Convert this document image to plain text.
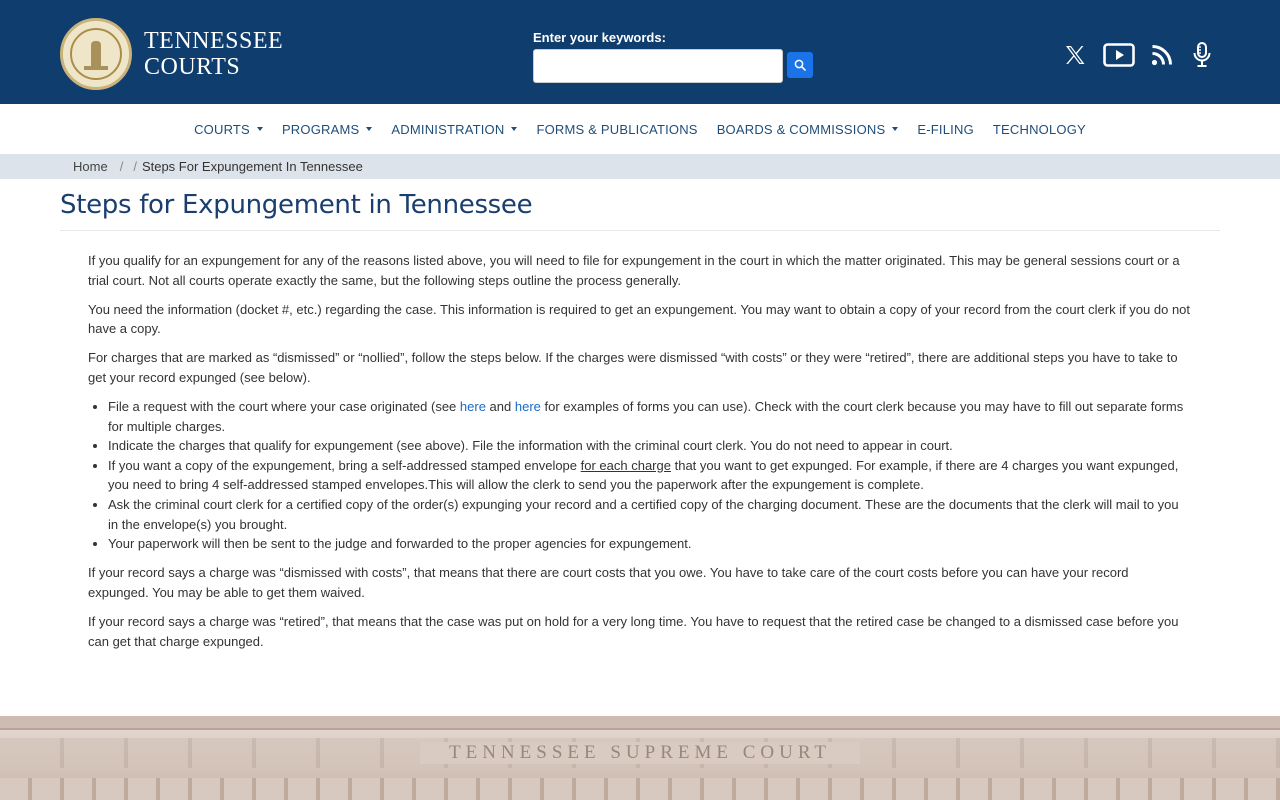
TENNESSEE
COURTS
Enter your keywords:
COURTS PROGRAMS ADMINISTRATION FORMS & PUBLICATIONS BOARDS & COMMISSIONS E-FILING TECHNOLOGY
Home / / Steps For Expungement In Tennessee
Steps for Expungement in Tennessee

If you qualify for an expungement for any of the reasons listed above, you will need to file for expungement in the court in which the matter originated. This may be general sessions court or a trial court. Not all courts operate exactly the same, but the following steps outline the process generally.

You need the information (docket #, etc.) regarding the case. This information is required to get an expungement. You may want to obtain a copy of your record from the court clerk if you do not have a copy.

For charges that are marked as “dismissed” or “nollied”, follow the steps below. If the charges were dismissed “with costs” or they were “retired”, there are additional steps you have to take to get your record expunged (see below).

• File a request with the court where your case originated (see here and here for examples of forms you can use). Check with the court clerk because you may have to fill out separate forms for multiple charges.
• Indicate the charges that qualify for expungement (see above). File the information with the criminal court clerk. You do not need to appear in court.
• If you want a copy of the expungement, bring a self-addressed stamped envelope for each charge that you want to get expunged. For example, if there are 4 charges you want expunged, you need to bring 4 self-addressed stamped envelopes.This will allow the clerk to send you the paperwork after the expungement is complete.
• Ask the criminal court clerk for a certified copy of the order(s) expunging your record and a certified copy of the charging document. These are the documents that the clerk will mail to you in the envelope(s) you brought.
• Your paperwork will then be sent to the judge and forwarded to the proper agencies for expungement.

If your record says a charge was “dismissed with costs”, that means that there are court costs that you owe. You have to take care of the court costs before you can have your record expunged. You may be able to get them waived.

If your record says a charge was “retired”, that means that the case was put on hold for a very long time. You have to request that the retired case be changed to a dismissed case before you can get that charge expunged.

TENNESSEE SUPREME COURT
